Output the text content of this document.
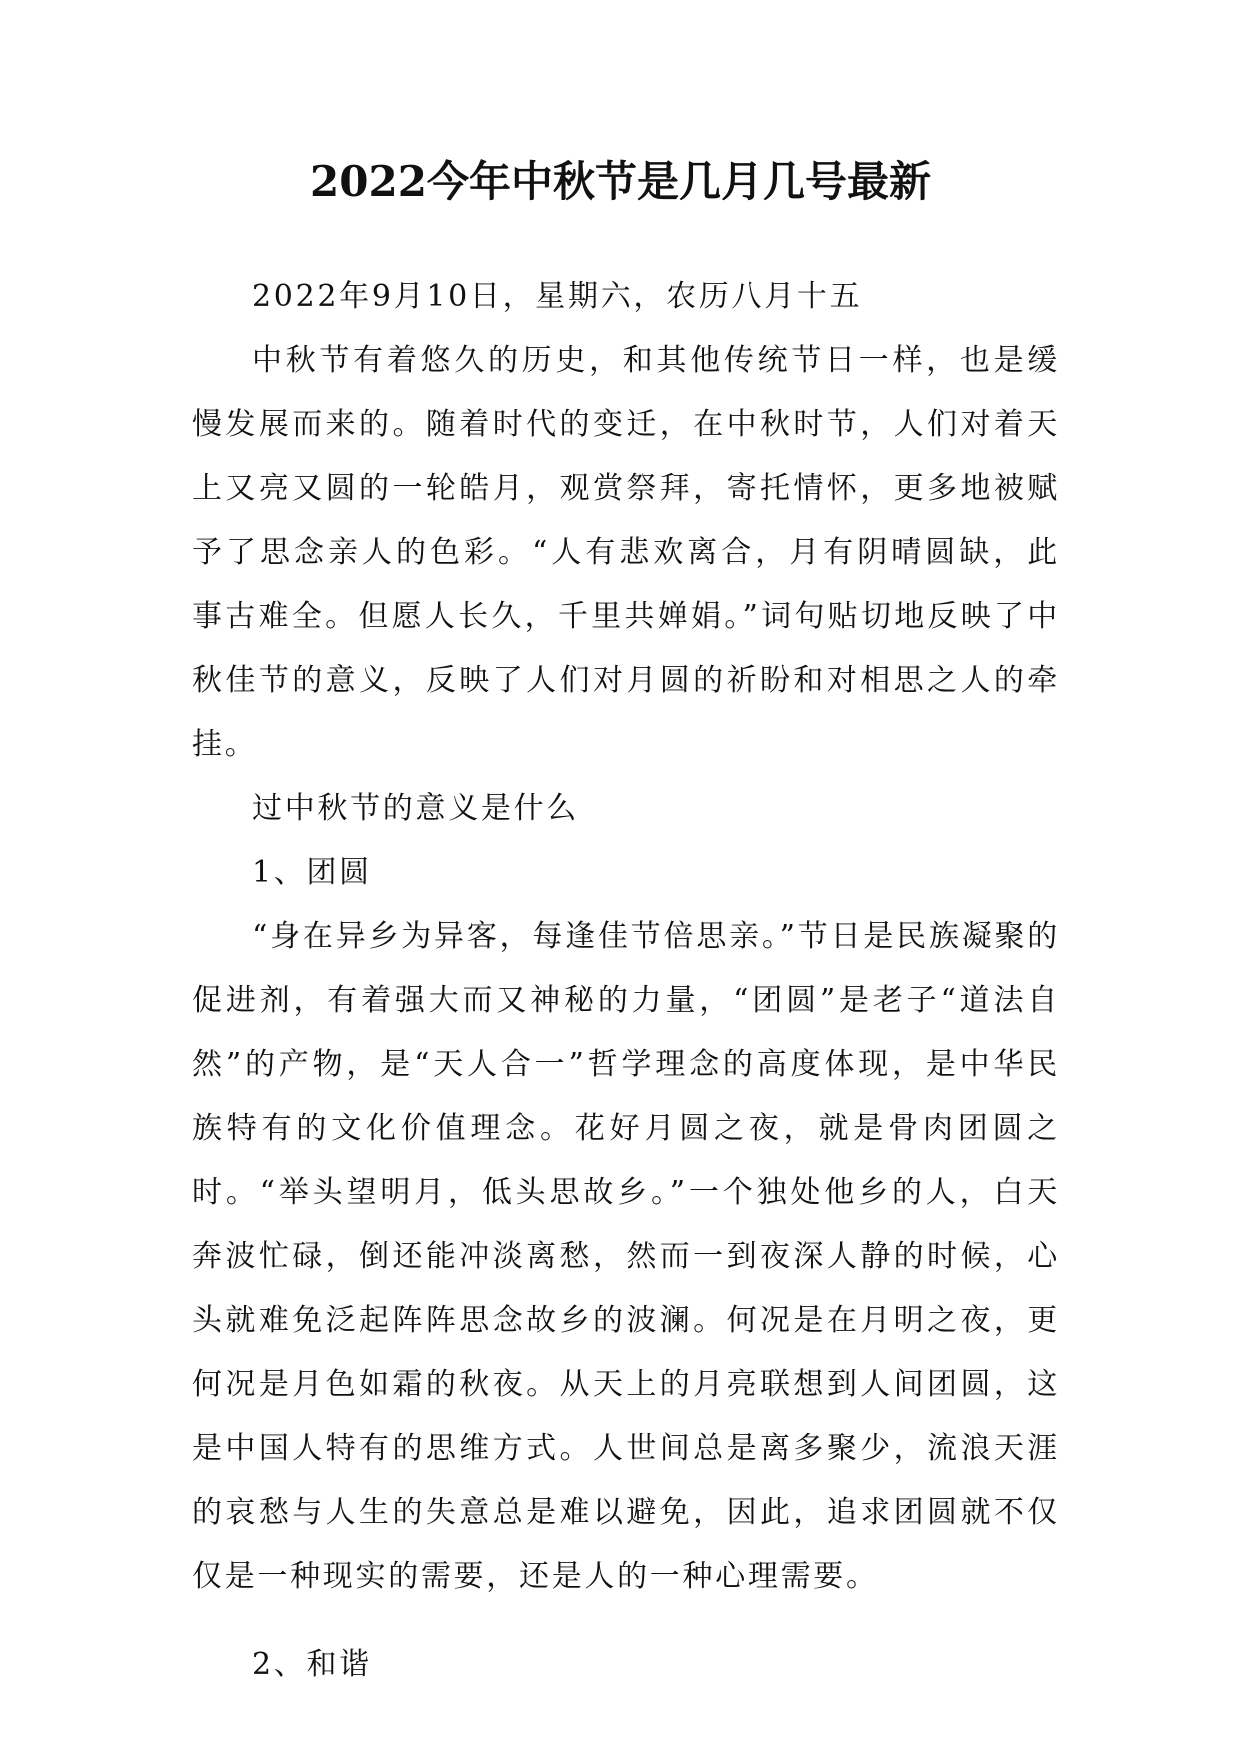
2022今年中秋节是几月几号最新

2022年9月10日，星期六，农历八月十五

中秋节有着悠久的历史，和其他传统节日一样，也是缓慢发展而来的。随着时代的变迁，在中秋时节，人们对着天上又亮又圆的一轮皓月，观赏祭拜，寄托情怀，更多地被赋予了思念亲人的色彩。“人有悲欢离合，月有阴晴圆缺，此事古难全。但愿人长久，千里共婵娟。”词句贴切地反映了中秋佳节的意义，反映了人们对月圆的祈盼和对相思之人的牵挂。

过中秋节的意义是什么

1、团圆

“身在异乡为异客，每逢佳节倍思亲。”节日是民族凝聚的促进剂，有着强大而又神秘的力量，“团圆”是老子“道法自然”的产物，是“天人合一”哲学理念的高度体现，是中华民族特有的文化价值理念。花好月圆之夜，就是骨肉团圆之时。“举头望明月，低头思故乡。”一个独处他乡的人，白天奔波忙碌，倒还能冲淡离愁，然而一到夜深人静的时候，心头就难免泛起阵阵思念故乡的波澜。何况是在月明之夜，更何况是月色如霜的秋夜。从天上的月亮联想到人间团圆，这是中国人特有的思维方式。人世间总是离多聚少，流浪天涯的哀愁与人生的失意总是难以避免，因此，追求团圆就不仅仅是一种现实的需要，还是人的一种心理需要。

2、和谐
